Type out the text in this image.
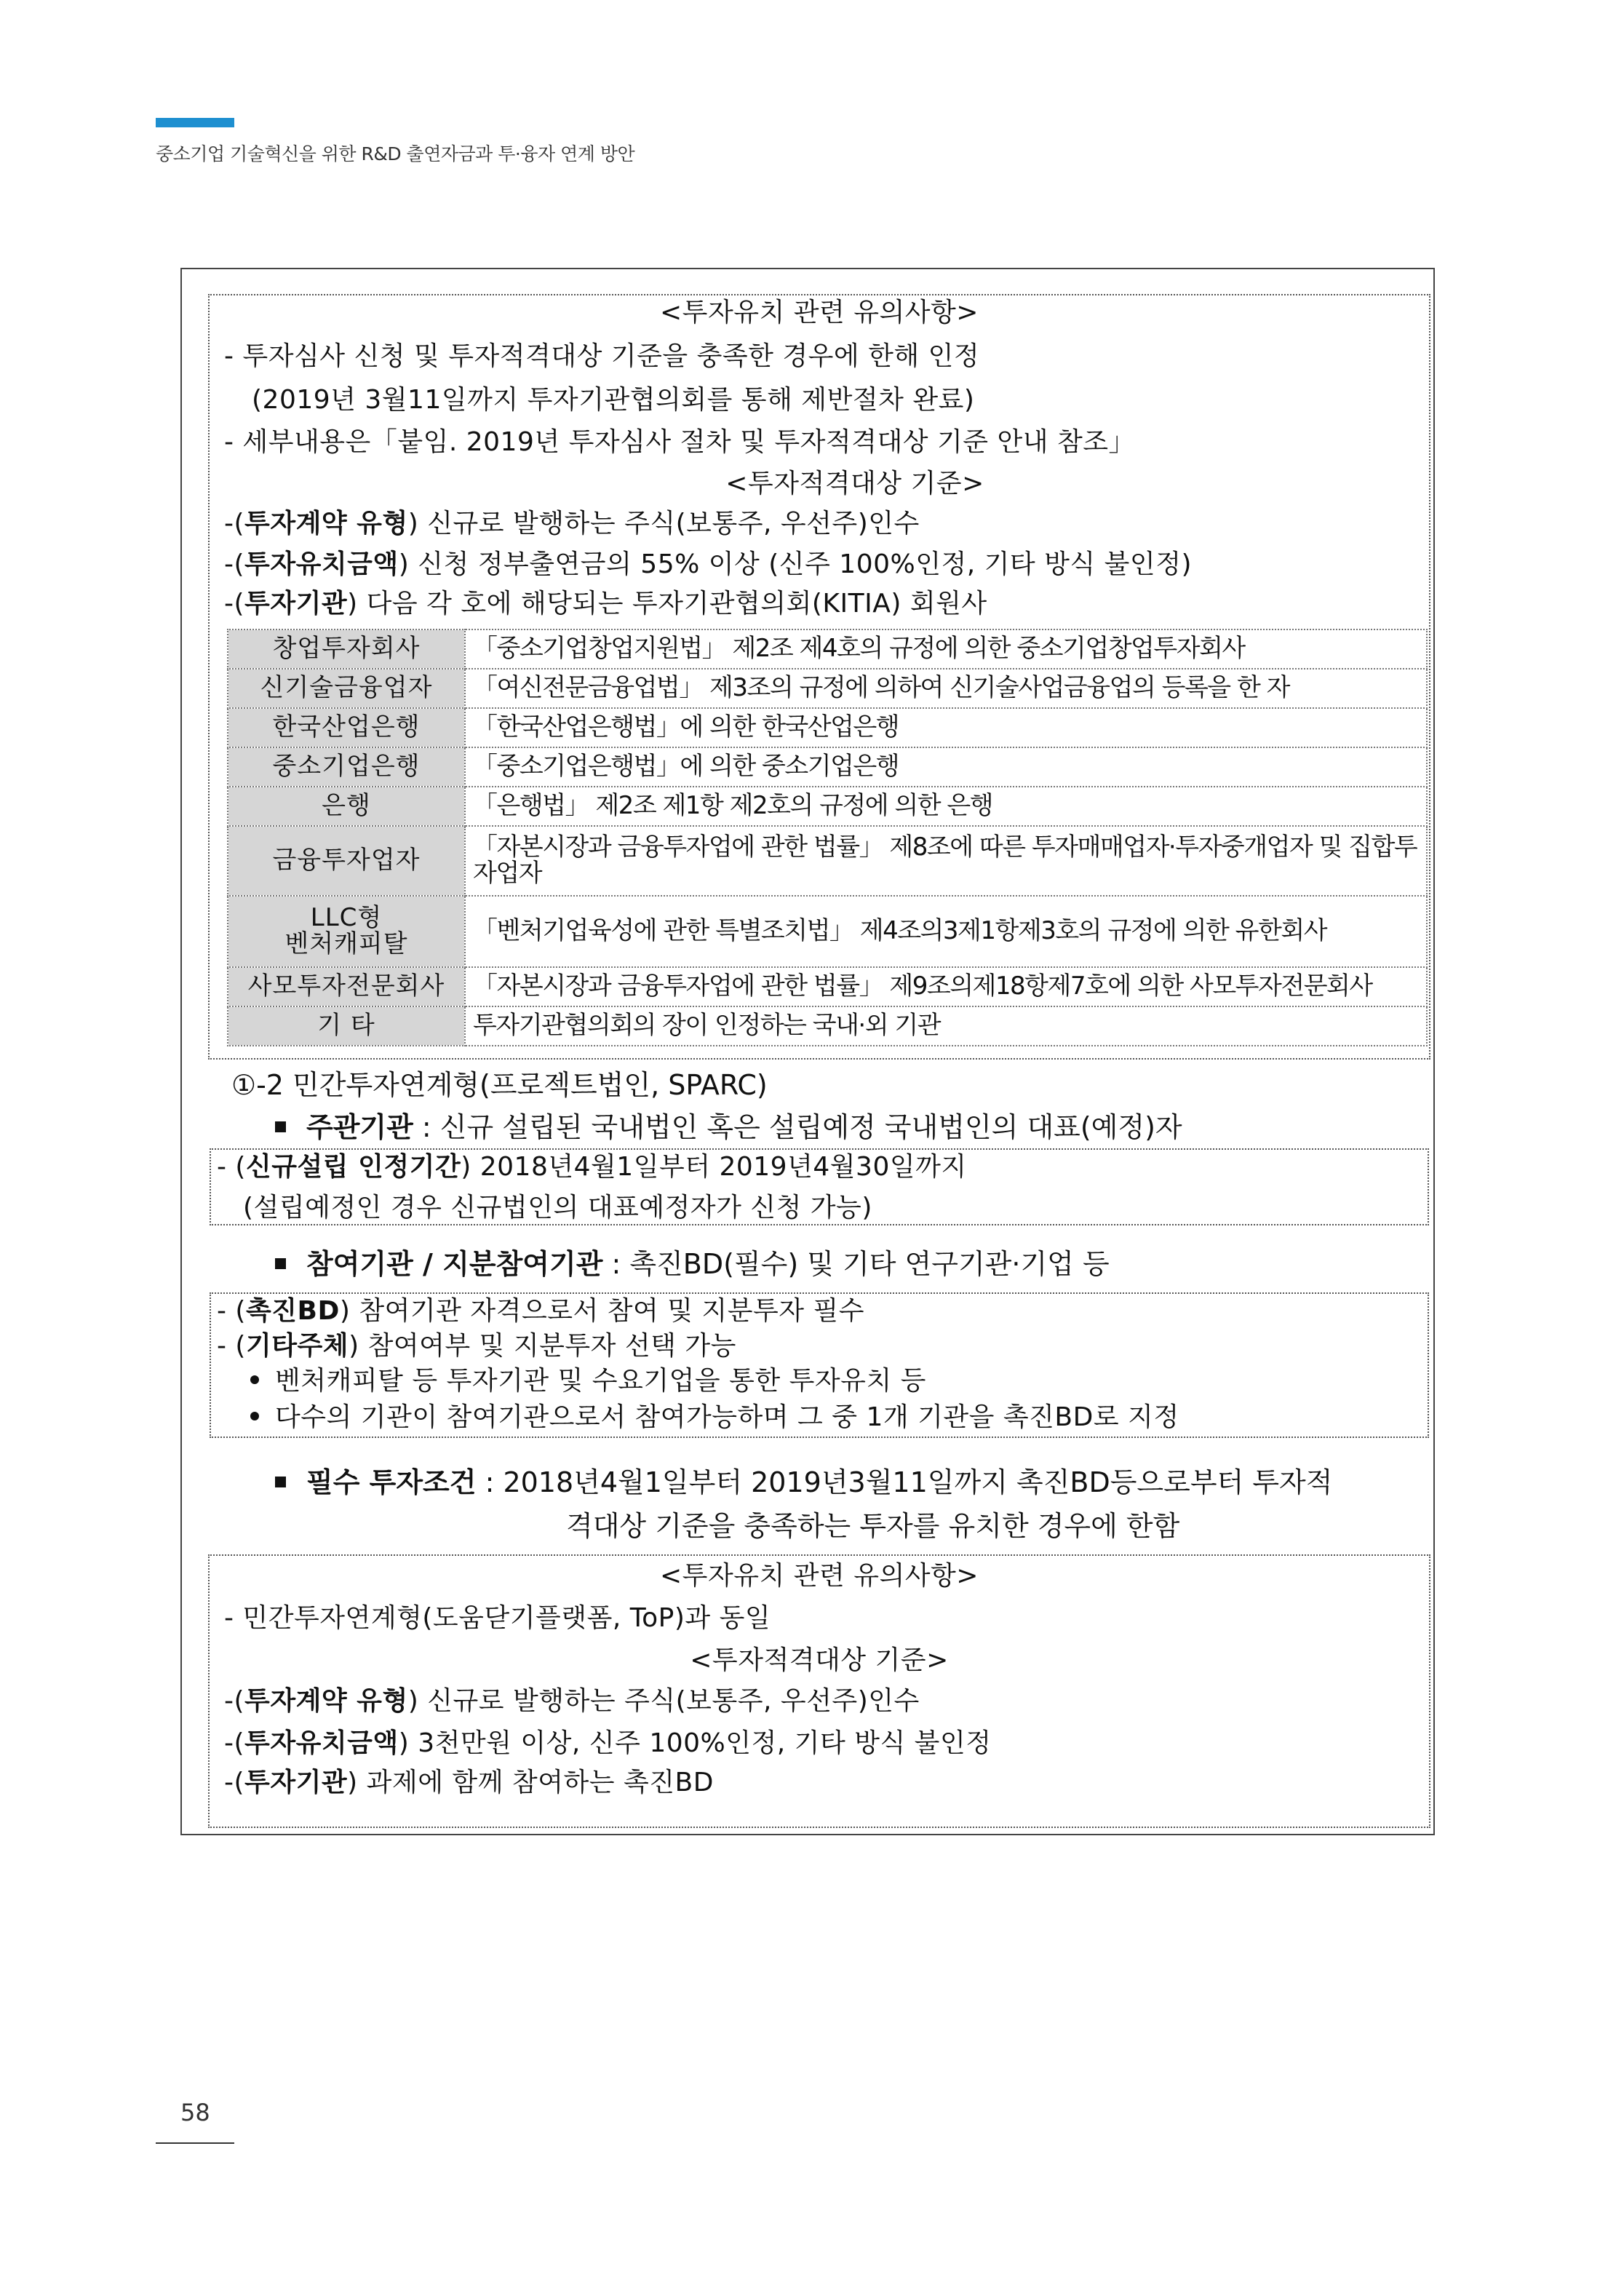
중소기업 기술혁신을 위한 R&D 출연자금과 투·융자 연계 방안
<투자유치 관련 유의사항>
- 투자심사 신청 및 투자적격대상 기준을 충족한 경우에 한해 인정
(2019년 3월11일까지 투자기관협의회를 통해 제반절차 완료)
- 세부내용은「붙임. 2019년 투자심사 절차 및 투자적격대상 기준 안내 참조」
<투자적격대상 기준>
-(투자계약 유형) 신규로 발행하는 주식(보통주, 우선주)인수
-(투자유치금액) 신청 정부출연금의 55% 이상 (신주 100%인정, 기타 방식 불인정)
-(투자기관) 다음 각 호에 해당되는 투자기관협의회(KITIA) 회원사
창업투자회사	「중소기업창업지원법」 제2조 제4호의 규정에 의한 중소기업창업투자회사
신기술금융업자	「여신전문금융업법」 제3조의 규정에 의하여 신기술사업금융업의 등록을 한 자
한국산업은행	「한국산업은행법」에 의한 한국산업은행
중소기업은행	「중소기업은행법」에 의한 중소기업은행
은행	「은행법」 제2조 제1항 제2호의 규정에 의한 은행
금융투자업자	「자본시장과 금융투자업에 관한 법률」 제8조에 따른 투자매매업자·투자중개업자 및 집합투자업자

LLC형
벤처캐피탈	「벤처기업육성에 관한 특별조치법」 제4조의3제1항제3호의 규정에 의한 유한회사
사모투자전문회사	「자본시장과 금융투자업에 관한 법률」 제9조의제18항제7호에 의한 사모투자전문회사
기 타	투자기관협의회의 장이 인정하는 국내·외 기관
①-2 민간투자연계형(프로젝트법인, SPARC)
주관기관 : 신규 설립된 국내법인 혹은 설립예정 국내법인의 대표(예정)자
- (신규설립 인정기간) 2018년4월1일부터 2019년4월30일까지
(설립예정인 경우 신규법인의 대표예정자가 신청 가능)
참여기관 / 지분참여기관 : 촉진BD(필수) 및 기타 연구기관·기업 등
- (촉진BD) 참여기관 자격으로서 참여 및 지분투자 필수
- (기타주체) 참여여부 및 지분투자 선택 가능
벤처캐피탈 등 투자기관 및 수요기업을 통한 투자유치 등
다수의 기관이 참여기관으로서 참여가능하며 그 중 1개 기관을 촉진BD로 지정
필수 투자조건 : 2018년4월1일부터 2019년3월11일까지 촉진BD등으로부터 투자적
격대상 기준을 충족하는 투자를 유치한 경우에 한함
<투자유치 관련 유의사항>
- 민간투자연계형(도움닫기플랫폼, ToP)과 동일
<투자적격대상 기준>
-(투자계약 유형) 신규로 발행하는 주식(보통주, 우선주)인수
-(투자유치금액) 3천만원 이상, 신주 100%인정, 기타 방식 불인정
-(투자기관) 과제에 함께 참여하는 촉진BD
58
